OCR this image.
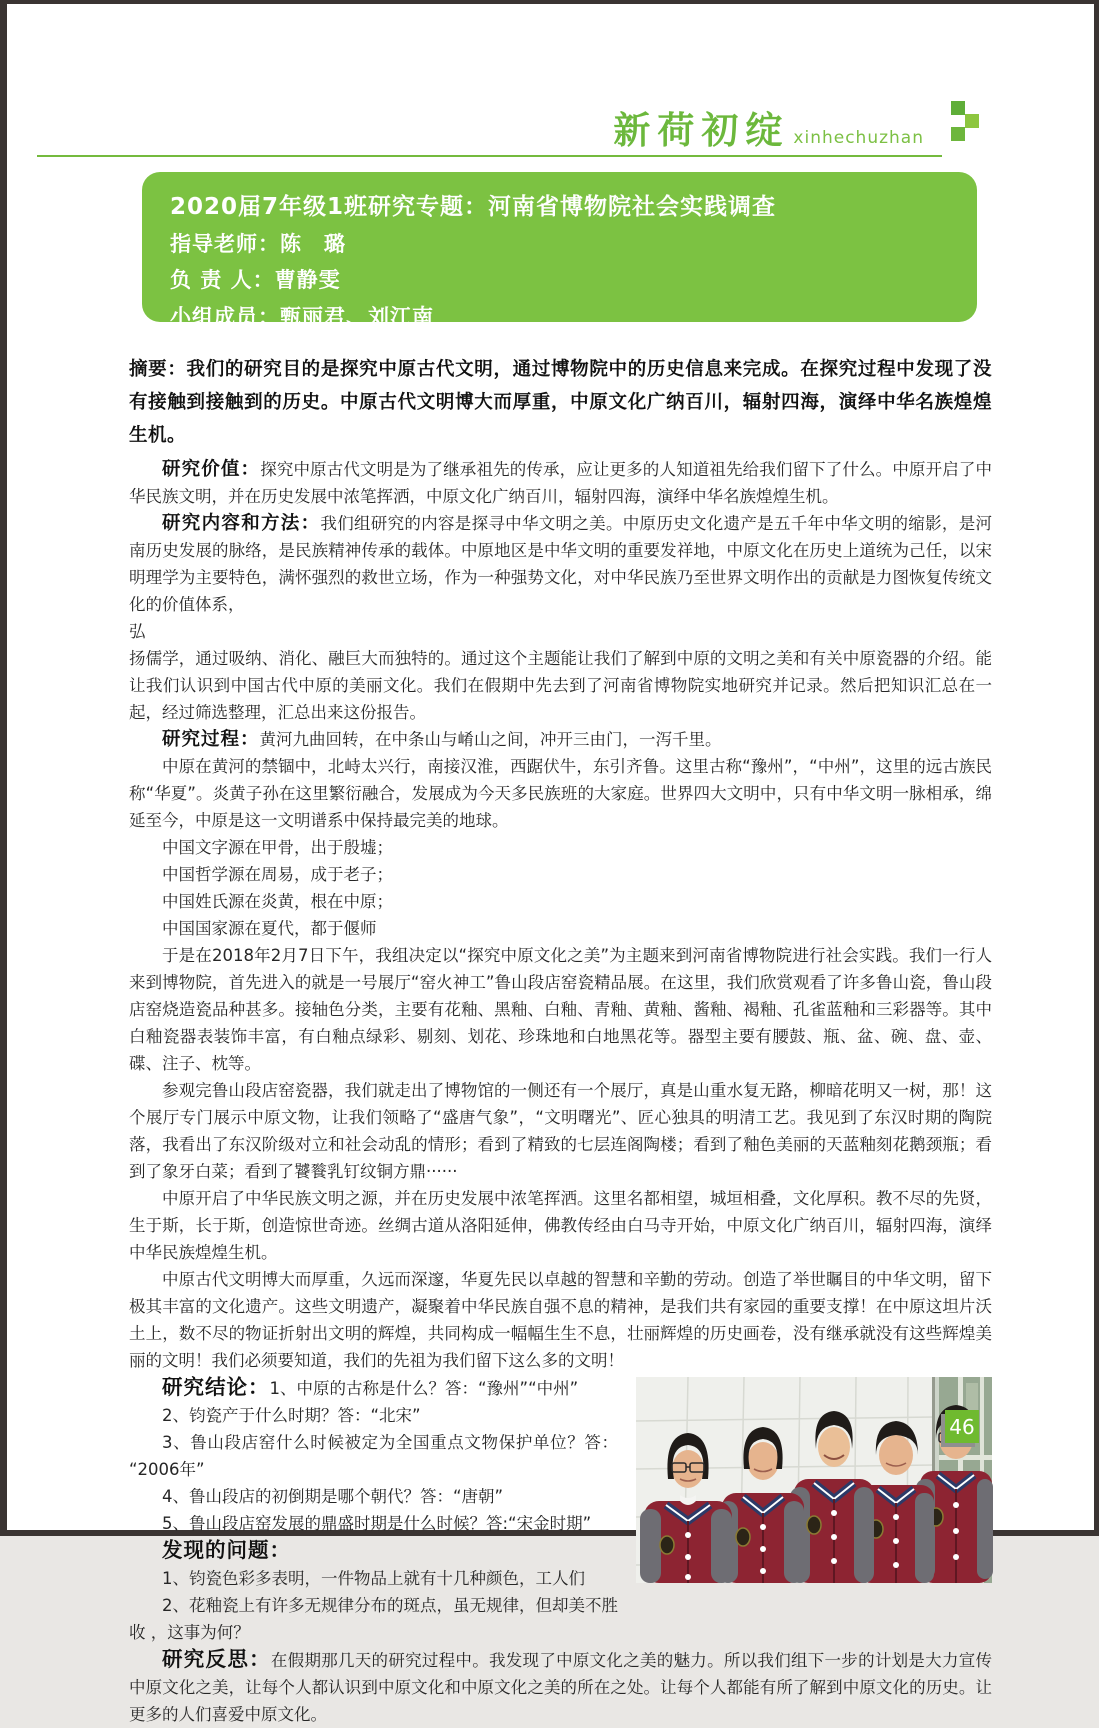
新荷初绽 xinhechuzhan
2020届7年级1班研究专题：河南省博物院社会实践调查
指导老师：陈　璐
负 责 人：曹静雯
小组成员：甄丽君、刘江南

摘要：我们的研究目的是探究中原古代文明，通过博物院中的历史信息来完成。在探究过程中发现了没有接触到接触到的历史。中原古代文明博大而厚重，中原文化广纳百川，辐射四海，演绎中华名族煌煌生机。

研究价值：探究中原古代文明是为了继承祖先的传承，应让更多的人知道祖先给我们留下了什么。中原开启了中华民族文明，并在历史发展中浓笔挥洒，中原文化广纳百川，辐射四海，演绎中华名族煌煌生机。

研究内容和方法：我们组研究的内容是探寻中华文明之美。中原历史文化遗产是五千年中华文明的缩影，是河南历史发展的脉络，是民族精神传承的载体。中原地区是中华文明的重要发祥地，中原文化在历史上道统为己任，以宋明理学为主要特色，满怀强烈的救世立场，作为一种强势文化，对中华民族乃至世界文明作出的贡献是力图恢复传统文化的价值体系，
弘
扬儒学，通过吸纳、消化、融巨大而独特的。通过这个主题能让我们了解到中原的文明之美和有关中原瓷器的介绍。能让我们认识到中国古代中原的美丽文化。我们在假期中先去到了河南省博物院实地研究并记录。然后把知识汇总在一起，经过筛选整理，汇总出来这份报告。

研究过程：黄河九曲回转，在中条山与崤山之间，冲开三由门，一泻千里。

中原在黄河的禁锢中，北峙太兴行，南接汉淮，西踞伏牛，东引齐鲁。这里古称“豫州”，“中州”，这里的远古族民称“华夏”。炎黄子孙在这里繁衍融合，发展成为今天多民族班的大家庭。世界四大文明中，只有中华文明一脉相承，绵延至今，中原是这一文明谱系中保持最完美的地球。

中国文字源在甲骨，出于殷墟；

中国哲学源在周易，成于老子；

中国姓氏源在炎黄，根在中原；

中国国家源在夏代，都于偃师

于是在2018年2月7日下午，我组决定以“探究中原文化之美”为主题来到河南省博物院进行社会实践。我们一行人来到博物院，首先进入的就是一号展厅“窑火神工”鲁山段店窑瓷精品展。在这里，我们欣赏观看了许多鲁山瓷，鲁山段店窑烧造瓷品种甚多。接轴色分类，主要有花釉、黑釉、白釉、青釉、黄釉、酱釉、褐釉、孔雀蓝釉和三彩器等。其中白釉瓷器表装饰丰富，有白釉点绿彩、剔刻、划花、珍珠地和白地黑花等。器型主要有腰鼓、瓶、盆、碗、盘、壶、碟、注子、枕等。

参观完鲁山段店窑瓷器，我们就走出了博物馆的一侧还有一个展厅，真是山重水复无路，柳暗花明又一树，那！这个展厅专门展示中原文物，让我们领略了“盛唐气象”，“文明曙光”、匠心独具的明清工艺。我见到了东汉时期的陶院落，我看出了东汉阶级对立和社会动乱的情形；看到了精致的七层连阁陶楼；看到了釉色美丽的天蓝釉刻花鹅颈瓶；看到了象牙白菜；看到了饕餮乳钉纹铜方鼎······

中原开启了中华民族文明之源，并在历史发展中浓笔挥洒。这里名都相望，城垣相叠，文化厚积。教不尽的先贤，生于斯，长于斯，创造惊世奇迹。丝绸古道从洛阳延伸，佛教传经由白马寺开始，中原文化广纳百川，辐射四海，演绎中华民族煌煌生机。

中原古代文明博大而厚重，久远而深邃，华夏先民以卓越的智慧和辛勤的劳动。创造了举世瞩目的中华文明，留下极其丰富的文化遗产。这些文明遗产，凝聚着中华民族自强不息的精神，是我们共有家园的重要支撑！在中原这坦片沃土上，数不尽的物证折射出文明的辉煌，共同构成一幅幅生生不息，壮丽辉煌的历史画卷，没有继承就没有这些辉煌美丽的文明！我们必须要知道，我们的先祖为我们留下这么多的文明！

研究结论：1、中原的古称是什么？答：“豫州”“中州”

2、钧瓷产于什么时期？答：“北宋”

3、鲁山段店窑什么时候被定为全国重点文物保护单位？答：“2006年”

4、鲁山段店的初倒期是哪个朝代？答：“唐朝”

5、鲁山段店窑发展的鼎盛时期是什么时候？答:“宋金时期”

发现的问题：

1、钧瓷色彩多表明，一件物品上就有十几种颜色，工人们

2、花釉瓷上有许多无规律分布的斑点，虽无规律，但却美不胜收 ，这事为何？

研究反思：在假期那几天的研究过程中。我发现了中原文化之美的魅力。所以我们组下一步的计划是大力宣传中原文化之美，让每个人都认识到中原文化和中原文化之美的所在之处。让每个人都能有所了解到中原文化的历史。让更多的人们喜爱中原文化。

46
